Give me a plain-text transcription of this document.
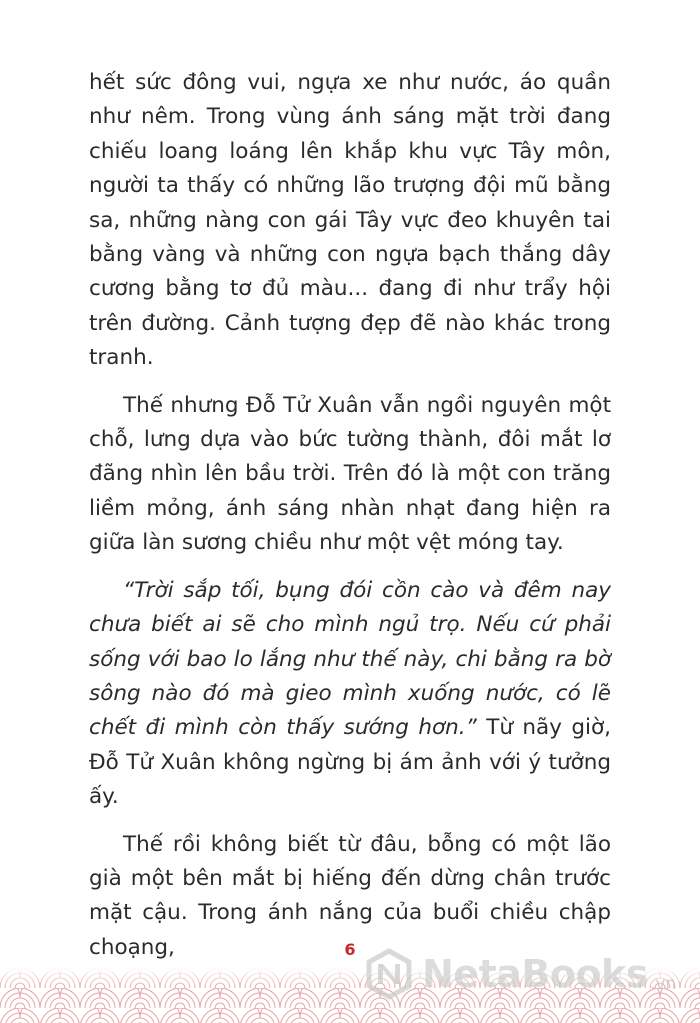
hết sức đông vui, ngựa xe như nước, áo quần như nêm. Trong vùng ánh sáng mặt trời đang chiếu loang loáng lên khắp khu vực Tây môn, người ta thấy có những lão trượng đội mũ bằng sa, những nàng con gái Tây vực đeo khuyên tai bằng vàng và những con ngựa bạch thắng dây cương bằng tơ đủ màu... đang đi như trẩy hội trên đường. Cảnh tượng đẹp đẽ nào khác trong tranh.

Thế nhưng Đỗ Tử Xuân vẫn ngồi nguyên một chỗ, lưng dựa vào bức tường thành, đôi mắt lơ đãng nhìn lên bầu trời. Trên đó là một con trăng liềm mỏng, ánh sáng nhàn nhạt đang hiện ra giữa làn sương chiều như một vệt móng tay.

“Trời sắp tối, bụng đói cồn cào và đêm nay chưa biết ai sẽ cho mình ngủ trọ. Nếu cứ phải sống với bao lo lắng như thế này, chi bằng ra bờ sông nào đó mà gieo mình xuống nước, có lẽ chết đi mình còn thấy sướng hơn.” Từ nãy giờ, Đỗ Tử Xuân không ngừng bị ám ảnh với ý tưởng ấy.

Thế rồi không biết từ đâu, bỗng có một lão già một bên mắt bị hiếng đến dừng chân trước mặt cậu. Trong ánh nắng của buổi chiều chập choạng,	6
NetaBooks .vn
